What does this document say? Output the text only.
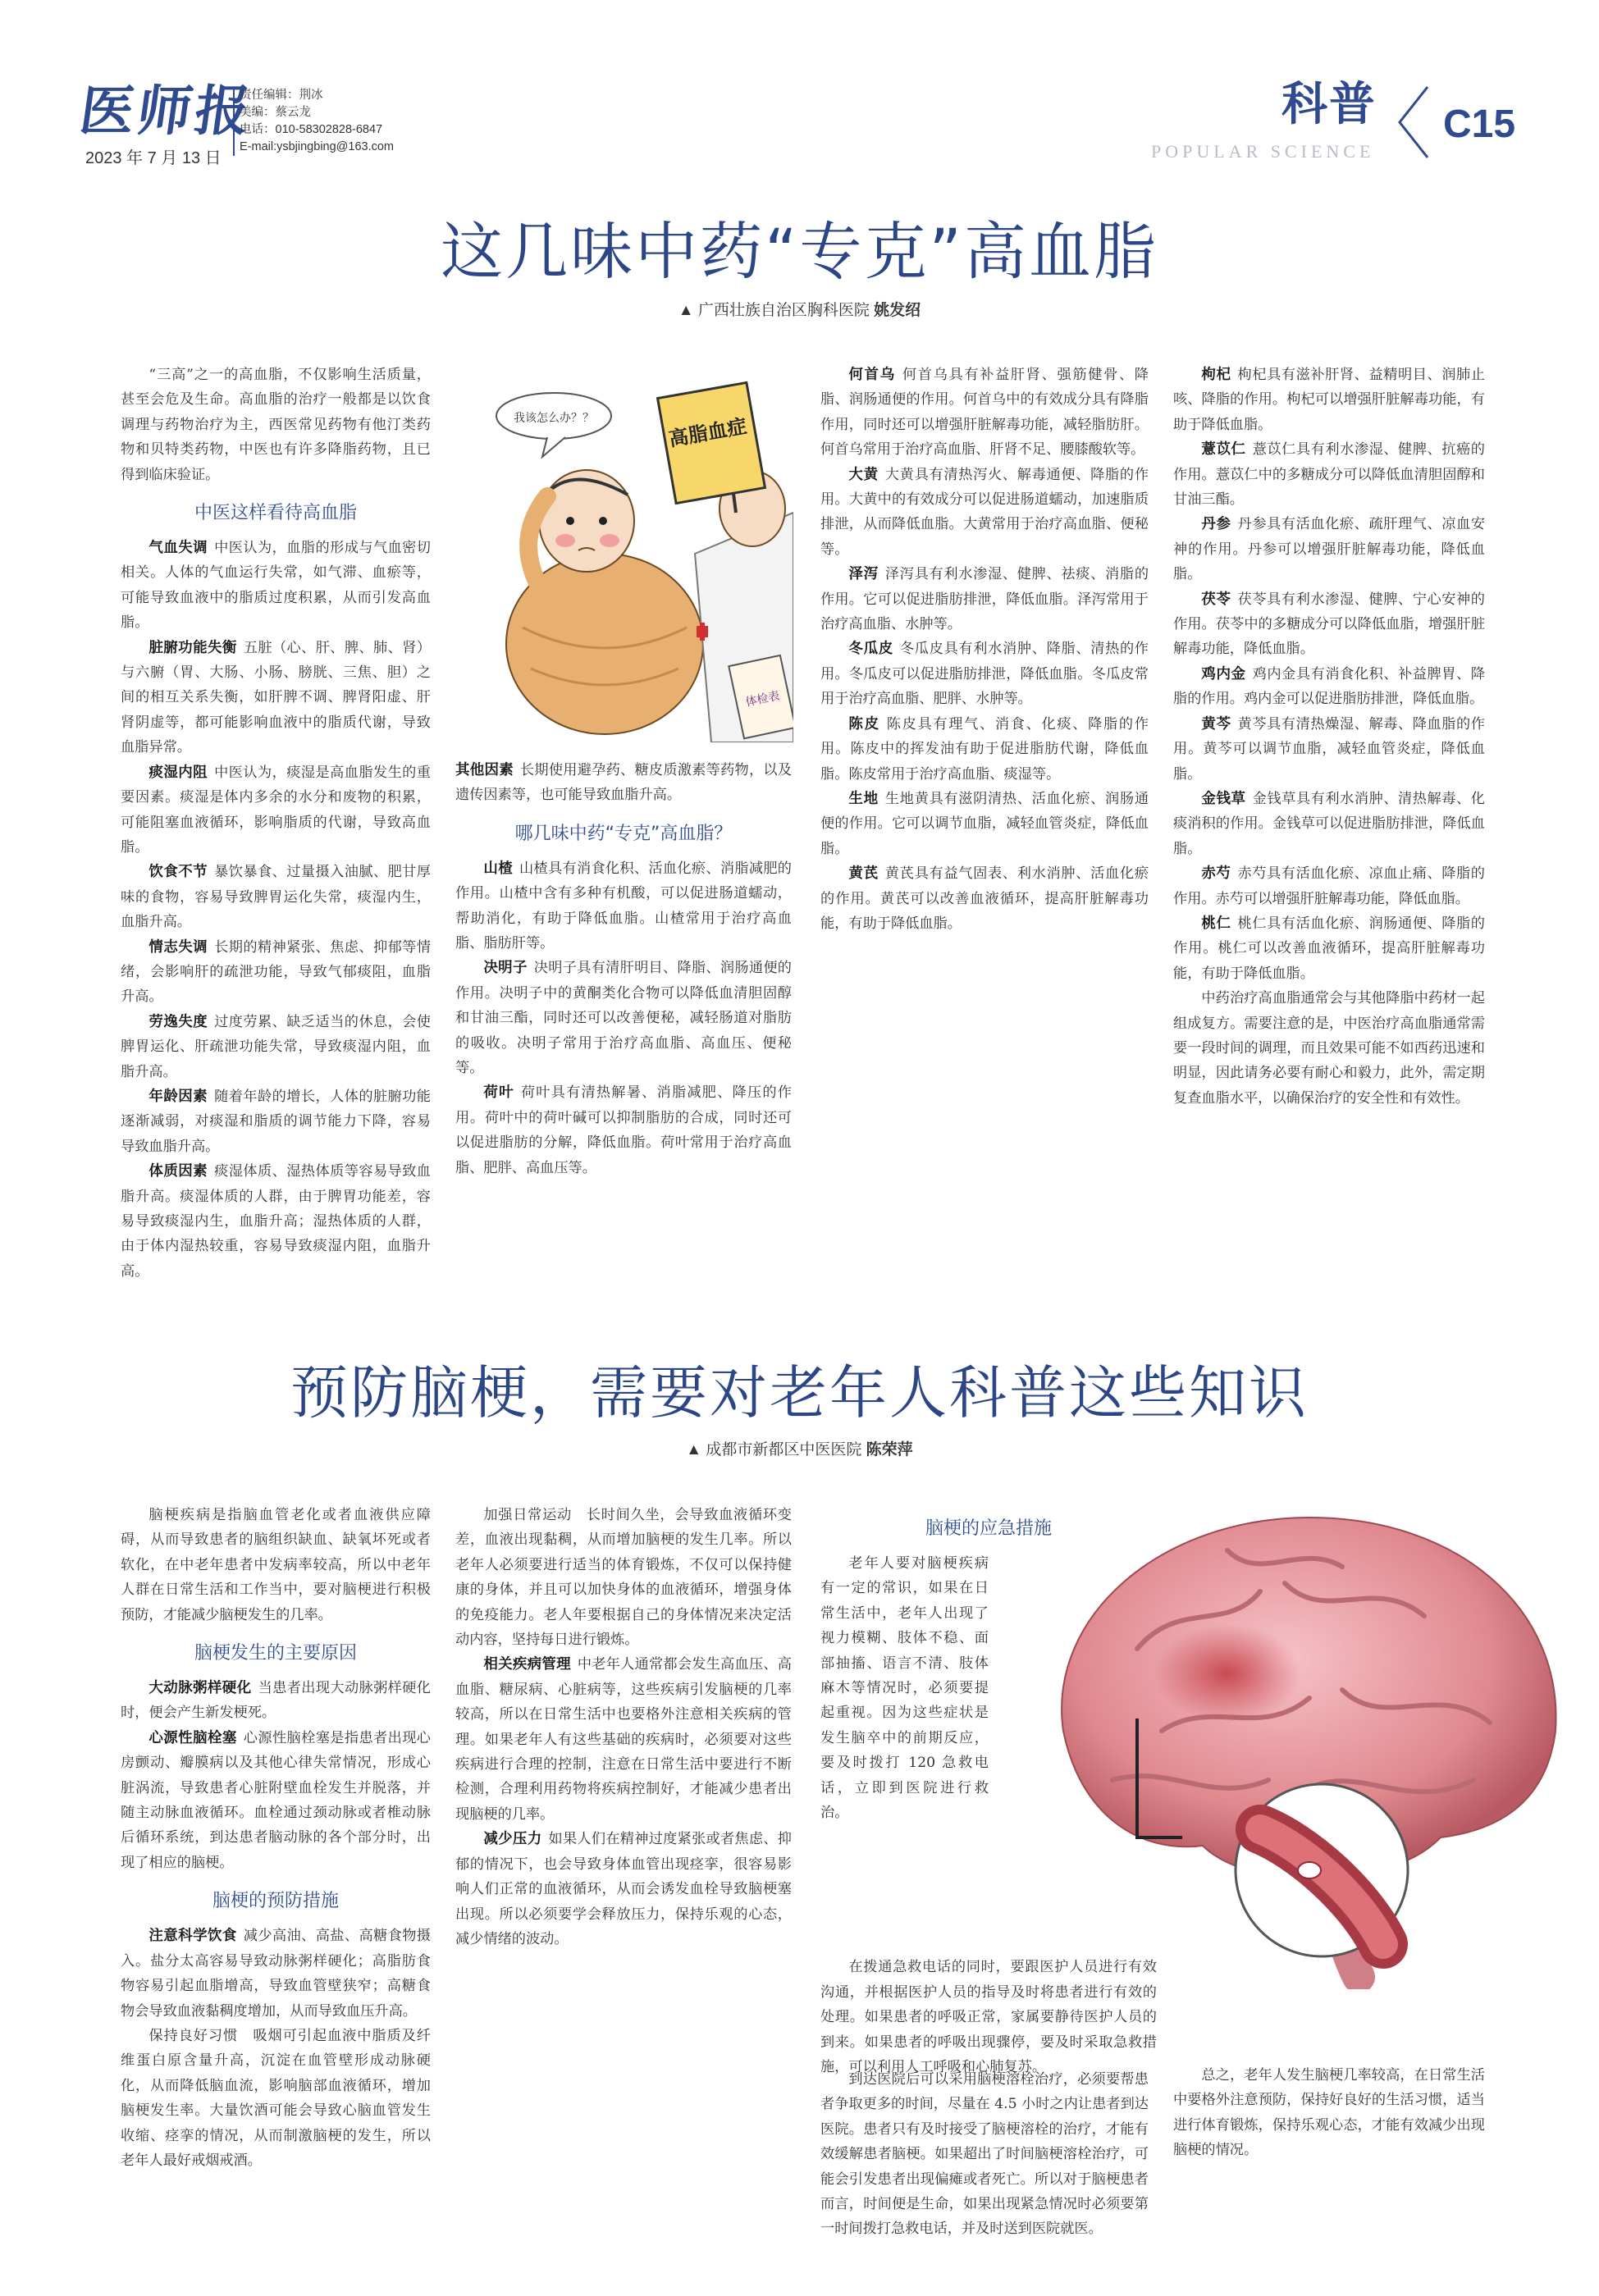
医师报
2023 年 7 月 13 日
责任编辑：荆冰
美编：蔡云龙
电话：010-58302828-6847
E-mail:ysbjingbing@163.com
科普
POPULAR SCIENCE
C15
这几味中药“专克”高血脂
▲ 广西壮族自治区胸科医院 姚发绍

“三高”之一的高血脂，不仅影响生活质量，甚至会危及生命。高血脂的治疗一般都是以饮食调理与药物治疗为主，西医常见药物有他汀类药物和贝特类药物，中医也有许多降脂药物，且已得到临床验证。

中医这样看待高血脂

气血失调 中医认为，血脂的形成与气血密切相关。人体的气血运行失常，如气滞、血瘀等，可能导致血液中的脂质过度积累，从而引发高血脂。

脏腑功能失衡 五脏（心、肝、脾、肺、肾）与六腑（胃、大肠、小肠、膀胱、三焦、胆）之间的相互关系失衡，如肝脾不调、脾肾阳虚、肝肾阴虚等，都可能影响血液中的脂质代谢，导致血脂异常。

痰湿内阻 中医认为，痰湿是高血脂发生的重要因素。痰湿是体内多余的水分和废物的积累，可能阻塞血液循环，影响脂质的代谢，导致高血脂。

饮食不节 暴饮暴食、过量摄入油腻、肥甘厚味的食物，容易导致脾胃运化失常，痰湿内生，血脂升高。

情志失调 长期的精神紧张、焦虑、抑郁等情绪，会影响肝的疏泄功能，导致气郁痰阻，血脂升高。

劳逸失度 过度劳累、缺乏适当的休息，会使脾胃运化、肝疏泄功能失常，导致痰湿内阻，血脂升高。

年龄因素 随着年龄的增长，人体的脏腑功能逐渐减弱，对痰湿和脂质的调节能力下降，容易导致血脂升高。

体质因素 痰湿体质、湿热体质等容易导致血脂升高。痰湿体质的人群，由于脾胃功能差，容易导致痰湿内生，血脂升高；湿热体质的人群，由于体内湿热较重，容易导致痰湿内阻，血脂升高。

我该怎么办？？	高脂血症
体检表

其他因素 长期使用避孕药、糖皮质激素等药物，以及遗传因素等，也可能导致血脂升高。

哪几味中药“专克”高血脂？

山楂 山楂具有消食化积、活血化瘀、消脂减肥的作用。山楂中含有多种有机酸，可以促进肠道蠕动，帮助消化，有助于降低血脂。山楂常用于治疗高血脂、脂肪肝等。

决明子 决明子具有清肝明目、降脂、润肠通便的作用。决明子中的黄酮类化合物可以降低血清胆固醇和甘油三酯，同时还可以改善便秘，减轻肠道对脂肪的吸收。决明子常用于治疗高血脂、高血压、便秘等。

荷叶 荷叶具有清热解暑、消脂减肥、降压的作用。荷叶中的荷叶碱可以抑制脂肪的合成，同时还可以促进脂肪的分解，降低血脂。荷叶常用于治疗高血脂、肥胖、高血压等。

何首乌 何首乌具有补益肝肾、强筋健骨、降脂、润肠通便的作用。何首乌中的有效成分具有降脂作用，同时还可以增强肝脏解毒功能，减轻脂肪肝。何首乌常用于治疗高血脂、肝肾不足、腰膝酸软等。

大黄 大黄具有清热泻火、解毒通便、降脂的作用。大黄中的有效成分可以促进肠道蠕动，加速脂质排泄，从而降低血脂。大黄常用于治疗高血脂、便秘等。

泽泻 泽泻具有利水渗湿、健脾、祛痰、消脂的作用。它可以促进脂肪排泄，降低血脂。泽泻常用于治疗高血脂、水肿等。

冬瓜皮 冬瓜皮具有利水消肿、降脂、清热的作用。冬瓜皮可以促进脂肪排泄，降低血脂。冬瓜皮常用于治疗高血脂、肥胖、水肿等。

陈皮 陈皮具有理气、消食、化痰、降脂的作用。陈皮中的挥发油有助于促进脂肪代谢，降低血脂。陈皮常用于治疗高血脂、痰湿等。

生地 生地黄具有滋阴清热、活血化瘀、润肠通便的作用。它可以调节血脂，减轻血管炎症，降低血脂。

黄芪 黄芪具有益气固表、利水消肿、活血化瘀的作用。黄芪可以改善血液循环，提高肝脏解毒功能，有助于降低血脂。

枸杞 枸杞具有滋补肝肾、益精明目、润肺止咳、降脂的作用。枸杞可以增强肝脏解毒功能，有助于降低血脂。

薏苡仁 薏苡仁具有利水渗湿、健脾、抗癌的作用。薏苡仁中的多糖成分可以降低血清胆固醇和甘油三酯。

丹参 丹参具有活血化瘀、疏肝理气、凉血安神的作用。丹参可以增强肝脏解毒功能，降低血脂。

茯苓 茯苓具有利水渗湿、健脾、宁心安神的作用。茯苓中的多糖成分可以降低血脂，增强肝脏解毒功能，降低血脂。

鸡内金 鸡内金具有消食化积、补益脾胃、降脂的作用。鸡内金可以促进脂肪排泄，降低血脂。

黄芩 黄芩具有清热燥湿、解毒、降血脂的作用。黄芩可以调节血脂，减轻血管炎症，降低血脂。

金钱草 金钱草具有利水消肿、清热解毒、化痰消积的作用。金钱草可以促进脂肪排泄，降低血脂。

赤芍 赤芍具有活血化瘀、凉血止痛、降脂的作用。赤芍可以增强肝脏解毒功能，降低血脂。

桃仁 桃仁具有活血化瘀、润肠通便、降脂的作用。桃仁可以改善血液循环，提高肝脏解毒功能，有助于降低血脂。

中药治疗高血脂通常会与其他降脂中药材一起组成复方。需要注意的是，中医治疗高血脂通常需要一段时间的调理，而且效果可能不如西药迅速和明显，因此请务必要有耐心和毅力，此外，需定期复查血脂水平，以确保治疗的安全性和有效性。

预防脑梗，需要对老年人科普这些知识
▲ 成都市新都区中医医院 陈荣萍

脑梗疾病是指脑血管老化或者血液供应障碍，从而导致患者的脑组织缺血、缺氧坏死或者软化，在中老年患者中发病率较高，所以中老年人群在日常生活和工作当中，要对脑梗进行积极预防，才能减少脑梗发生的几率。

脑梗发生的主要原因

大动脉粥样硬化 当患者出现大动脉粥样硬化时，便会产生新发梗死。

心源性脑栓塞 心源性脑栓塞是指患者出现心房颤动、瓣膜病以及其他心律失常情况，形成心脏涡流，导致患者心脏附壁血栓发生并脱落，并随主动脉血液循环。血栓通过颈动脉或者椎动脉后循环系统，到达患者脑动脉的各个部分时，出现了相应的脑梗。

脑梗的预防措施

注意科学饮食 减少高油、高盐、高糖食物摄入。盐分太高容易导致动脉粥样硬化；高脂肪食物容易引起血脂增高，导致血管壁狭窄；高糖食物会导致血液黏稠度增加，从而导致血压升高。

保持良好习惯　吸烟可引起血液中脂质及纤维蛋白原含量升高，沉淀在血管壁形成动脉硬化，从而降低脑血流，影响脑部血液循环，增加脑梗发生率。大量饮酒可能会导致心脑血管发生收缩、痉挛的情况，从而制激脑梗的发生，所以老年人最好戒烟戒酒。

加强日常运动　长时间久坐，会导致血液循环变差，血液出现黏稠，从而增加脑梗的发生几率。所以老年人必须要进行适当的体育锻炼，不仅可以保持健康的身体，并且可以加快身体的血液循环，增强身体的免疫能力。老人年要根据自己的身体情况来决定活动内容，坚持每日进行锻炼。

相关疾病管理 中老年人通常都会发生高血压、高血脂、糖尿病、心脏病等，这些疾病引发脑梗的几率较高，所以在日常生活中也要格外注意相关疾病的管理。如果老年人有这些基础的疾病时，必须要对这些疾病进行合理的控制，注意在日常生活中要进行不断检测，合理利用药物将疾病控制好，才能减少患者出现脑梗的几率。

减少压力 如果人们在精神过度紧张或者焦虑、抑郁的情况下，也会导致身体血管出现痉挛，很容易影响人们正常的血液循环，从而会诱发血栓导致脑梗塞出现。所以必须要学会释放压力，保持乐观的心态，减少情绪的波动。

脑梗的应急措施

老年人要对脑梗疾病有一定的常识，如果在日常生活中，老年人出现了视力模糊、肢体不稳、面部抽搐、语言不清、肢体麻木等情况时，必须要提起重视。因为这些症状是发生脑卒中的前期反应，要及时拨打 120 急救电话，立即到医院进行救治。

在拨通急救电话的同时，要跟医护人员进行有效沟通，并根据医护人员的指导及时将患者进行有效的处理。如果患者的呼吸正常，家属要静待医护人员的到来。如果患者的呼吸出现骤停，要及时采取急救措施，可以利用人工呼吸和心肺复苏。	总之，老年人发生脑梗几率较高，在日常生活中要格外注意预防，保持好良好的生活习惯，适当进行体育锻炼，保持乐观心态，才能有效减少出现脑梗的情况。

到达医院后可以采用脑梗溶栓治疗，必须要帮患者争取更多的时间，尽量在 4.5 小时之内让患者到达医院。患者只有及时接受了脑梗溶栓的治疗，才能有效缓解患者脑梗。如果超出了时间脑梗溶栓治疗，可能会引发患者出现偏瘫或者死亡。所以对于脑梗患者而言，时间便是生命，如果出现紧急情况时必须要第一时间拨打急救电话，并及时送到医院就医。
